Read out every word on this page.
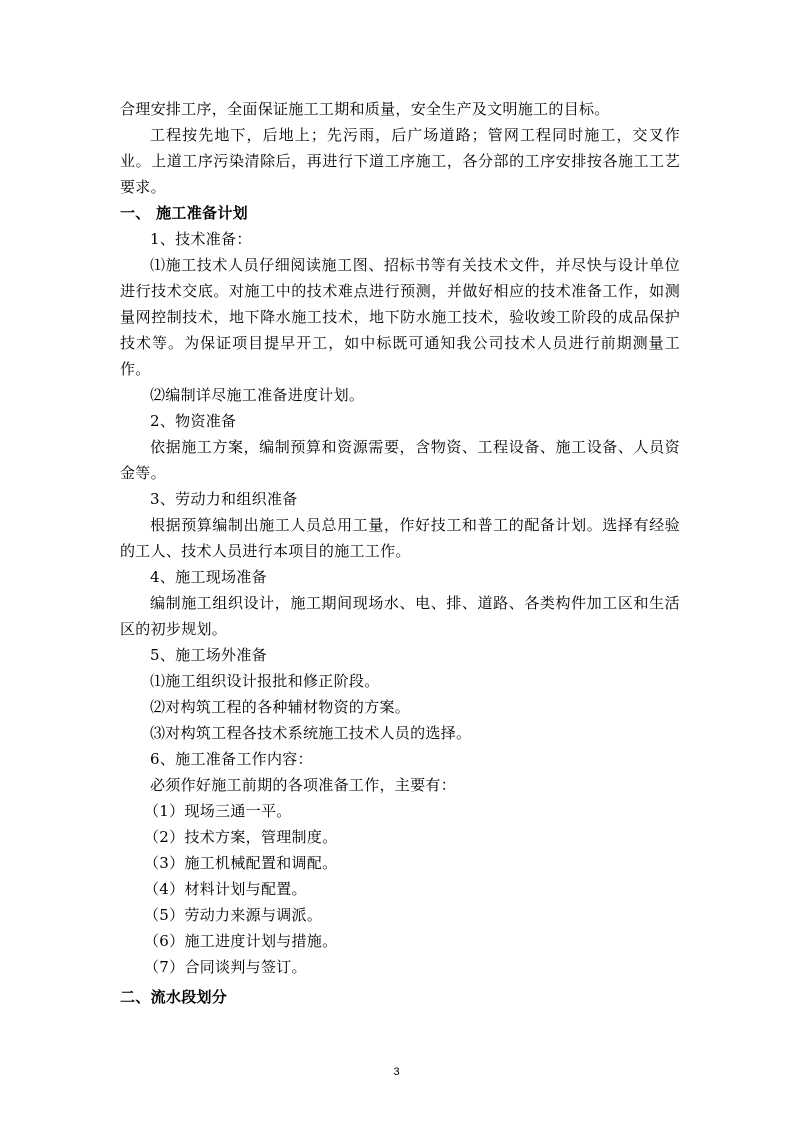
合理安排工序，全面保证施工工期和质量，安全生产及文明施工的目标。

工程按先地下，后地上；先污雨，后广场道路；管网工程同时施工，交叉作业。上道工序污染清除后，再进行下道工序施工，各分部的工序安排按各施工工艺要求。

一、 施工准备计划

1、技术准备：

⑴施工技术人员仔细阅读施工图、招标书等有关技术文件，并尽快与设计单位进行技术交底。对施工中的技术难点进行预测，并做好相应的技术准备工作，如测量网控制技术，地下降水施工技术，地下防水施工技术，验收竣工阶段的成品保护技术等。为保证项目提早开工，如中标既可通知我公司技术人员进行前期测量工作。

⑵编制详尽施工准备进度计划。

2、物资准备

依据施工方案，编制预算和资源需要，含物资、工程设备、施工设备、人员资金等。

3、劳动力和组织准备

根据预算编制出施工人员总用工量，作好技工和普工的配备计划。选择有经验的工人、技术人员进行本项目的施工工作。

4、施工现场准备

编制施工组织设计，施工期间现场水、电、排、道路、各类构件加工区和生活区的初步规划。

5、施工场外准备

⑴施工组织设计报批和修正阶段。

⑵对构筑工程的各种辅材物资的方案。

⑶对构筑工程各技术系统施工技术人员的选择。

6、施工准备工作内容：

必须作好施工前期的各项准备工作，主要有：

（1）现场三通一平。

（2）技术方案，管理制度。

（3）施工机械配置和调配。

（4）材料计划与配置。

（5）劳动力来源与调派。

（6）施工进度计划与措施。

（7）合同谈判与签订。

二、流水段划分

3
